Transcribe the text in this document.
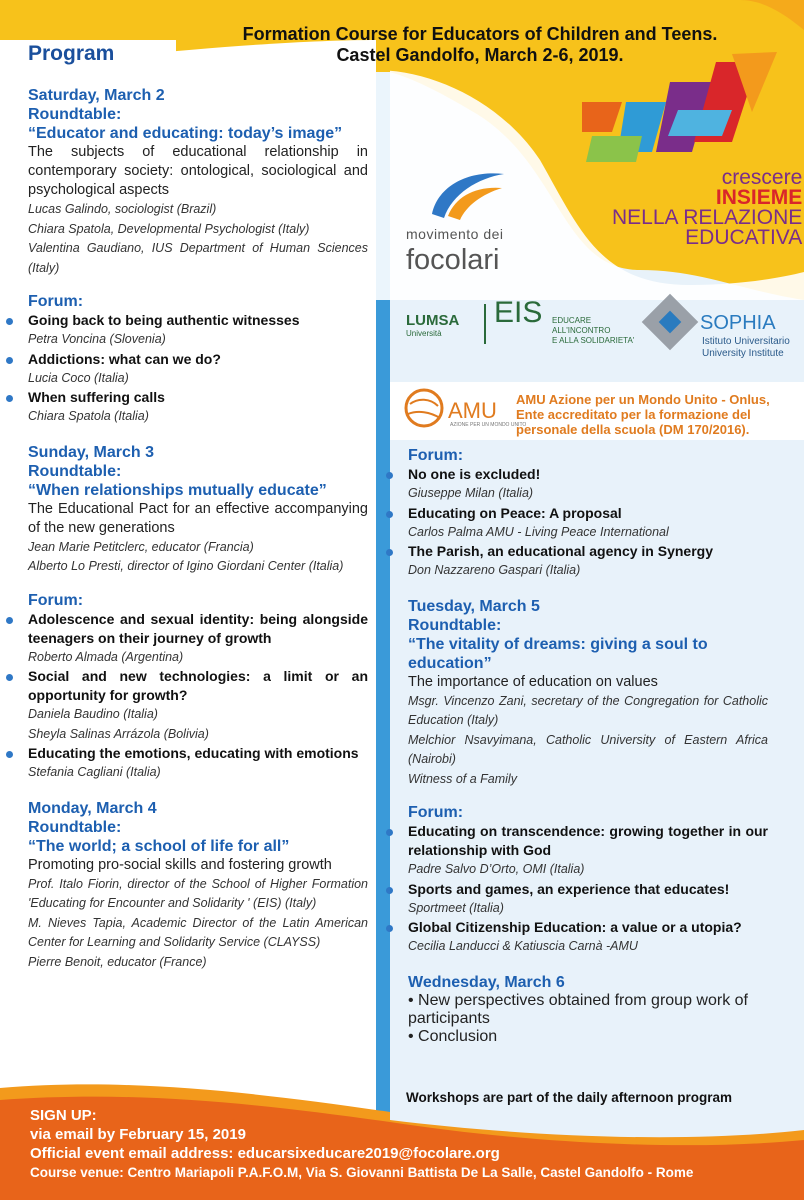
Program
Formation Course for Educators of Children and Teens.
Castel Gandolfo, March 2-6, 2019.
crescere
INSIEME
NELLA RELAZIONE
EDUCATIVA
movimento dei
focolari
LUMSA
Università
EIS EDUCARE
ALL'INCONTRO
E ALLA SOLIDARIETA'
SOPHIA
Istituto Universitario
University Institute
AMU
AZIONE PER UN MONDO UNITO
AMU Azione per un Mondo Unito - Onlus,
Ente accreditato per la formazione del
personale della scuola (DM 170/2016).
Saturday, March 2
Roundtable:
“Educator and educating: today’s image”
The subjects of educational relationship in contemporary society: ontological, sociological and psychological aspects
Lucas Galindo, sociologist (Brazil)
Chiara Spatola, Developmental Psychologist (Italy)
Valentina Gaudiano, IUS Department of Human Sciences (Italy)
Forum:
Going back to being authentic witnesses
Petra Voncina (Slovenia)
Addictions: what can we do?
Lucia Coco (Italia)
When suffering calls
Chiara Spatola (Italia)
Sunday, March 3
Roundtable:
“When relationships mutually educate”
The Educational Pact for an effective accompanying of the new generations
Jean Marie Petitclerc, educator (Francia)
Alberto Lo Presti, director of Igino Giordani Center (Italia)
Forum:
Adolescence and sexual identity: being alongside teenagers on their journey of growth
Roberto Almada (Argentina)
Social and new technologies: a limit or an opportunity for growth?
Daniela Baudino (Italia)
Sheyla Salinas Arrázola (Bolivia)
Educating the emotions, educating with emotions
Stefania Cagliani (Italia)
Monday, March 4
Roundtable:
“The world; a school of life for all”
Promoting pro-social skills and fostering growth
Prof. Italo Fiorin, director of the School of Higher Formation 'Educating for Encounter and Solidarity ' (EIS) (Italy)
M. Nieves Tapia, Academic Director of the Latin American Center for Learning and Solidarity Service (CLAYSS)
Pierre Benoit, educator (France)
Forum:
No one is excluded!
Giuseppe Milan (Italia)
Educating on Peace: A proposal
Carlos Palma AMU - Living Peace International
The Parish, an educational agency in Synergy
Don Nazzareno Gaspari (Italia)
Tuesday, March 5
Roundtable:
“The vitality of dreams: giving a soul to education”
The importance of education on values
Msgr. Vincenzo Zani, secretary of the Congregation for Catholic Education (Italy)
Melchior Nsavyimana, Catholic University of Eastern Africa (Nairobi)
Witness of a Family
Forum:
Educating on transcendence: growing together in our relationship with God
Padre Salvo D’Orto, OMI (Italia)
Sports and games, an experience that educates!
Sportmeet (Italia)
Global Citizenship Education: a value or a utopia?
Cecilia Landucci & Katiuscia Carnà -AMU
Wednesday, March 6
• New perspectives obtained from group work of participants
• Conclusion
Workshops are part of the daily afternoon program
SIGN UP:
via email by February 15, 2019
Official event email address: educarsixeducare2019@focolare.org
Course venue: Centro Mariapoli P.A.F.O.M, Via S. Giovanni Battista De La Salle, Castel Gandolfo - Rome
